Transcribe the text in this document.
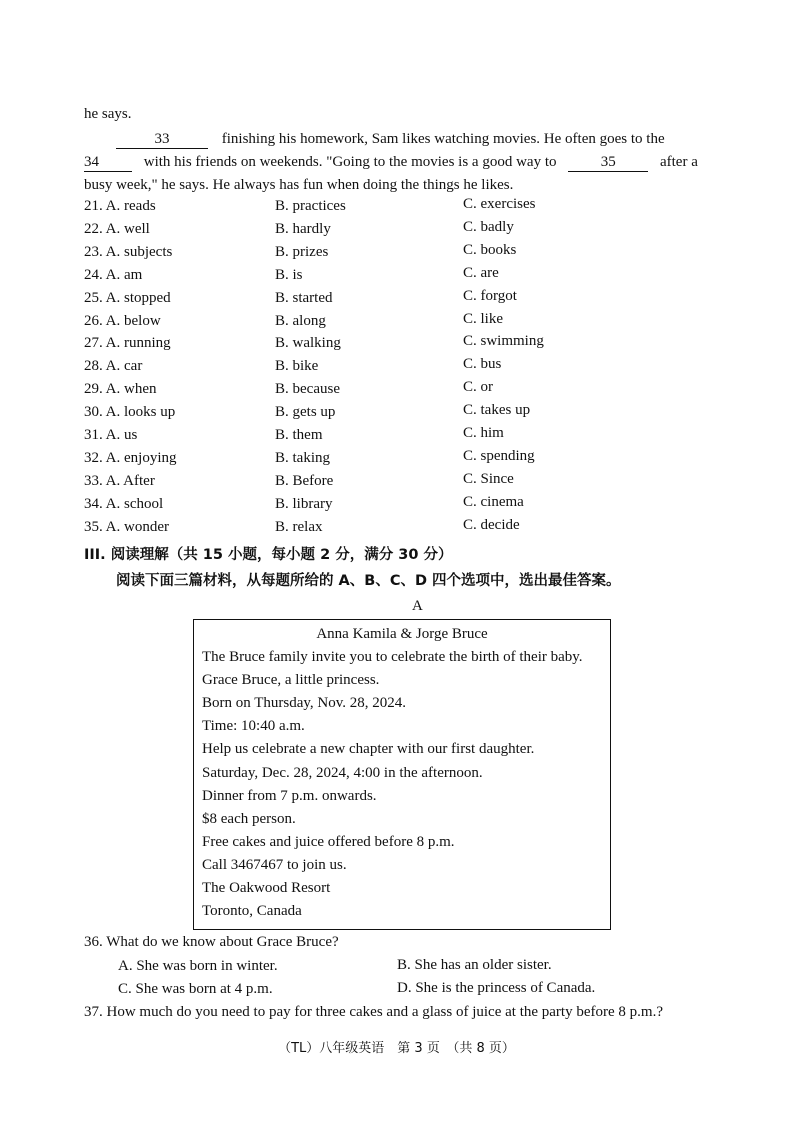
he says.
33	finishing his homework, Sam likes watching movies. He often goes to the
34	with his friends on weekends. "Going to the movies is a good way to	35	after a
busy week," he says. He always has fun when doing the things he likes.
21. A. reads	B. practices	C. exercises
22. A. well	B. hardly	C. badly
23. A. subjects	B. prizes	C. books
24. A. am	B. is	C. are
25. A. stopped	B. started	C. forgot
26. A. below	B. along	C. like
27. A. running	B. walking	C. swimming
28. A. car	B. bike	C. bus
29. A. when	B. because	C. or
30. A. looks up	B. gets up	C. takes up
31. A. us	B. them	C. him
32. A. enjoying	B. taking	C. spending
33. A. After	B. Before	C. Since
34. A. school	B. library	C. cinema
35. A. wonder	B. relax	C. decide
III. 阅读理解（共 15 小题，每小题 2 分，满分 30 分）
阅读下面三篇材料，从每题所给的 A、B、C、D 四个选项中，选出最佳答案。
A
Anna Kamila & Jorge Bruce
The Bruce family invite you to celebrate the birth of their baby.
Grace Bruce, a little princess.
Born on Thursday, Nov. 28, 2024.
Time: 10:40 a.m.
Help us celebrate a new chapter with our first daughter.
Saturday, Dec. 28, 2024, 4:00 in the afternoon.
Dinner from 7 p.m. onwards.
$8 each person.
Free cakes and juice offered before 8 p.m.
Call 3467467 to join us.
The Oakwood Resort
Toronto, Canada
36. What do we know about Grace Bruce?
A. She was born in winter.	B. She has an older sister.
C. She was born at 4 p.m.	D. She is the princess of Canada.
37. How much do you need to pay for three cakes and a glass of juice at the party before 8 p.m.?
（TL）八年级英语　第 3 页　（共 8 页）
